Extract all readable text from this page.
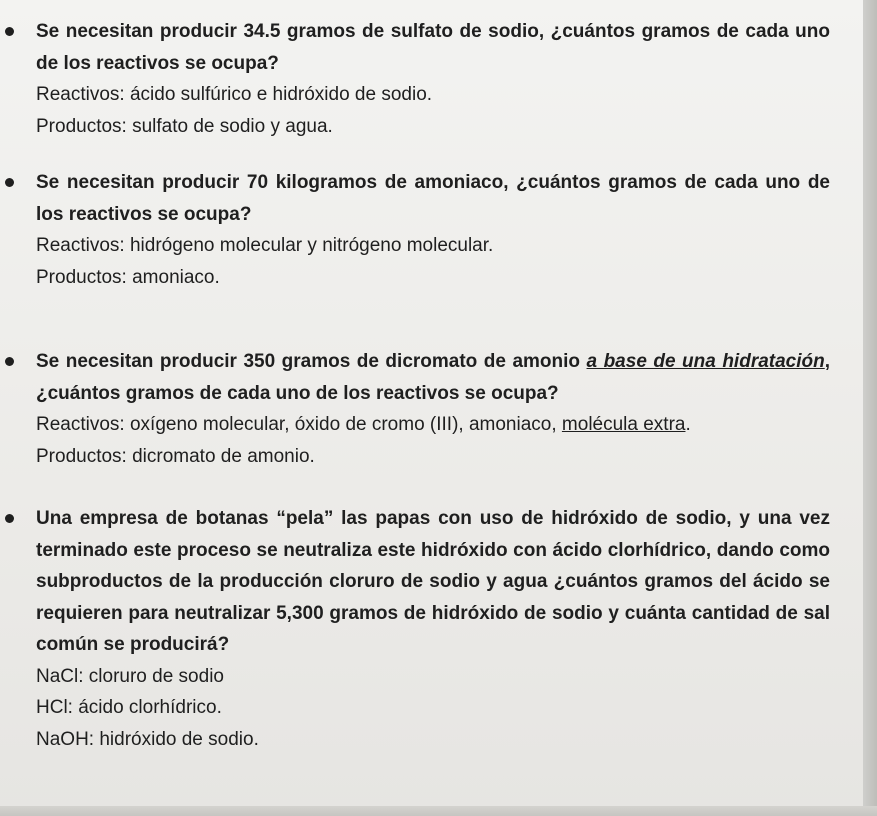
Se necesitan producir 34.5 gramos de sulfato de sodio, ¿cuántos gramos de cada uno de los reactivos se ocupa?

Reactivos: ácido sulfúrico e hidróxido de sodio.
Productos: sulfato de sodio y agua.

Se necesitan producir 70 kilogramos de amoniaco, ¿cuántos gramos de cada uno de los reactivos se ocupa?

Reactivos: hidrógeno molecular y nitrógeno molecular.
Productos: amoniaco.

Se necesitan producir 350 gramos de dicromato de amonio a base de una hidratación, ¿cuántos gramos de cada uno de los reactivos se ocupa?

Reactivos: oxígeno molecular, óxido de cromo (III), amoniaco, molécula extra.
Productos: dicromato de amonio.

Una empresa de botanas “pela” las papas con uso de hidróxido de sodio, y una vez terminado este proceso se neutraliza este hidróxido con ácido clorhídrico, dando como subproductos de la producción cloruro de sodio y agua ¿cuántos gramos del ácido se requieren para neutralizar 5,300 gramos de hidróxido de sodio y cuánta cantidad de sal común se producirá?

NaCl: cloruro de sodio
HCl: ácido clorhídrico.
NaOH: hidróxido de sodio.
